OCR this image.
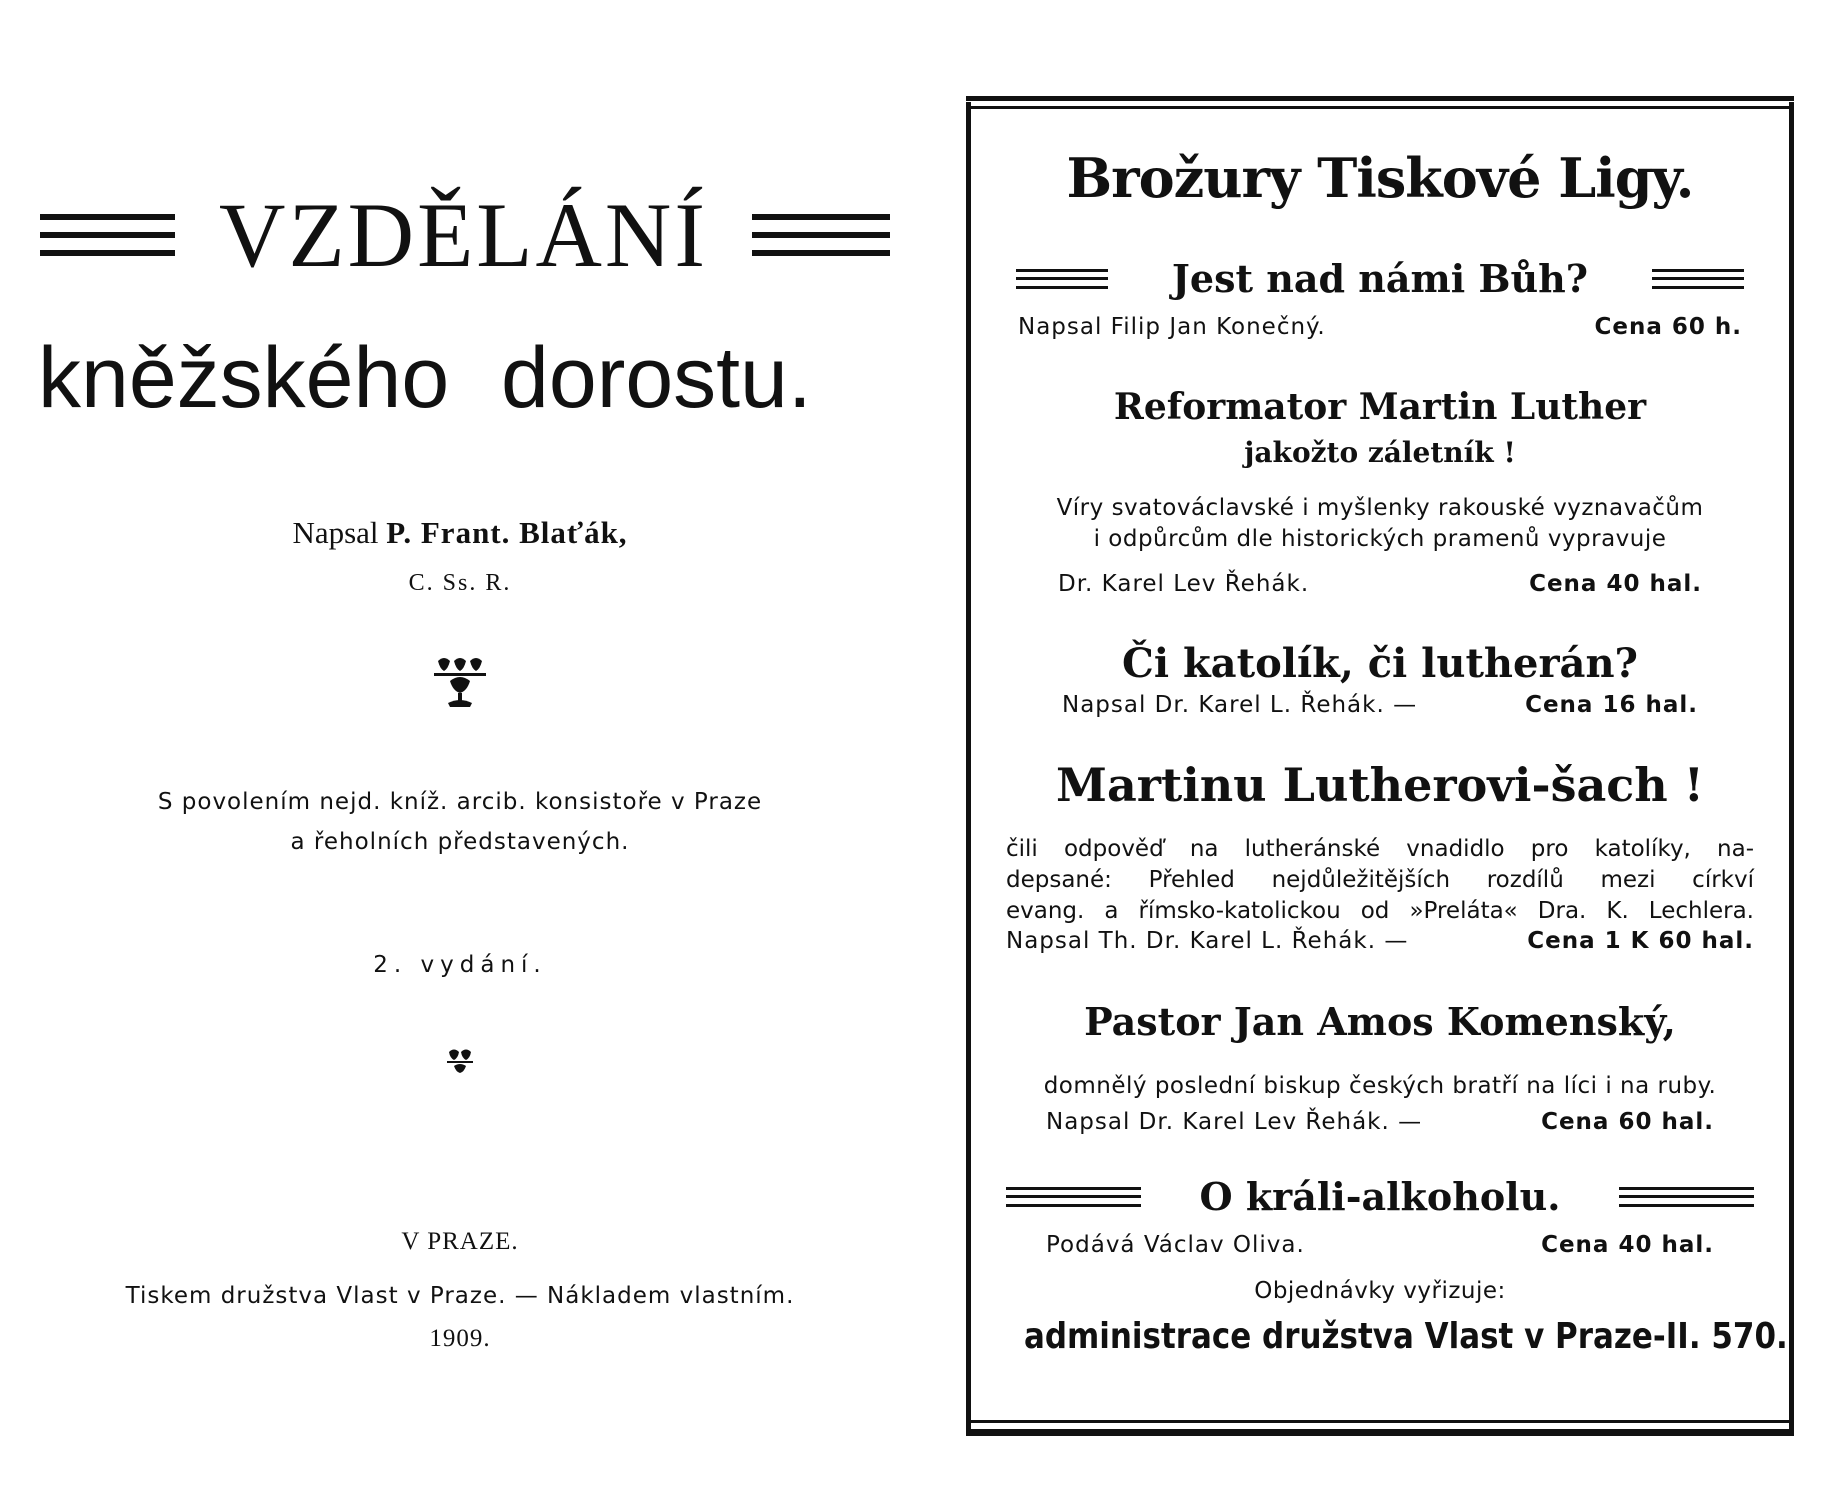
VZDĚLÁNÍ
kněžského dorostu.
Napsal P. Frant. Blaťák,
C. Ss. R.
S povolením nejd. kníž. arcib. konsistoře v Praze
a řeholních představených.
2. vydání.
V PRAZE.
Tiskem družstva Vlast v Praze. — Nákladem vlastním.
1909.
Brožury Tiskové Ligy.
Jest nad námi Bůh?
Napsal Filip Jan Konečný.	Cena 60 h.
Reformator Martin Luther
jakožto záletník !
Víry svatováclavské i myšlenky rakouské vyznavačům
i odpůrcům dle historických pramenů vypravuje
Dr. Karel Lev Řehák.	Cena 40 hal.
Či katolík, či lutherán?
Napsal Dr. Karel L. Řehák. —	Cena 16 hal.
Martinu Lutherovi-šach !
čili odpověď na lutheránské vnadidlo pro katolíky, na-
depsané: Přehled nejdůležitějších rozdílů mezi církví
evang. a římsko-katolickou od »Preláta« Dra. K. Lechlera.
Napsal Th. Dr. Karel L. Řehák. —	Cena 1 K 60 hal.
Pastor Jan Amos Komenský,
domnělý poslední biskup českých bratří na líci i na ruby.
Napsal Dr. Karel Lev Řehák. —	Cena 60 hal.
O králi-alkoholu.
Podává Václav Oliva.	Cena 40 hal.
Objednávky vyřizuje:
administrace družstva Vlast v Praze-II. 570.
